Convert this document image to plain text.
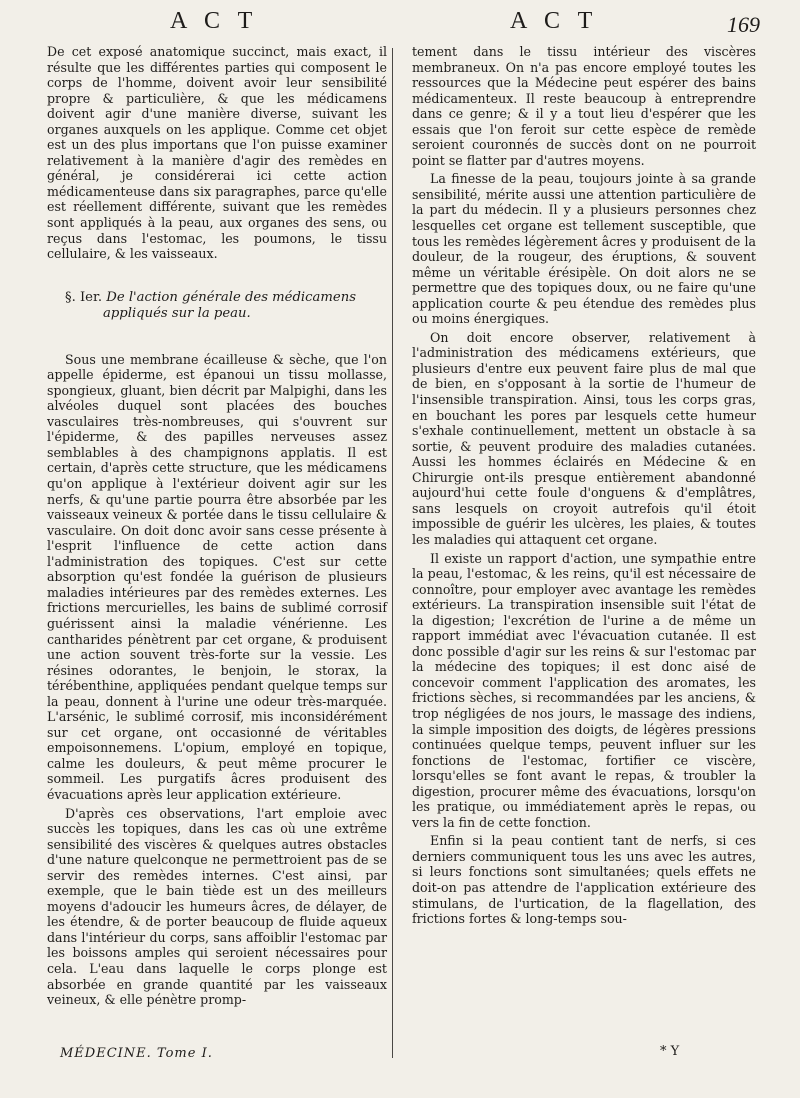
A C T	A C T	169

De cet exposé anatomique succinct, mais exact, il résulte que les différentes parties qui composent le corps de l'homme, doivent avoir leur sensibilité propre & particulière, & que les médicamens doivent agir d'une manière diverse, suivant les organes auxquels on les applique. Comme cet objet est un des plus importans que l'on puisse examiner relativement à la manière d'agir des remèdes en général, je considérerai ici cette action médicamenteuse dans six paragraphes, parce qu'elle est réellement différente, suivant que les remèdes sont appliqués à la peau, aux organes des sens, ou reçus dans l'estomac, les poumons, le tissu cellulaire, & les vaisseaux.

§. Ier. De l'action générale des médicamens
appliqués sur la peau.

Sous une membrane écailleuse & sèche, que l'on appelle épiderme, est épanoui un tissu mollasse, spongieux, gluant, bien décrit par Malpighi, dans les alvéoles duquel sont placées des bouches vasculaires très-nombreuses, qui s'ouvrent sur l'épiderme, & des papilles nerveuses assez semblables à des champignons applatis. Il est certain, d'après cette structure, que les médicamens qu'on applique à l'extérieur doivent agir sur les nerfs, & qu'une partie pourra être absorbée par les vaisseaux veineux & portée dans le tissu cellulaire & vasculaire. On doit donc avoir sans cesse présente à l'esprit l'influence de cette action dans l'administration des topiques. C'est sur cette absorption qu'est fondée la guérison de plusieurs maladies intérieures par des remèdes externes. Les frictions mercurielles, les bains de sublimé corrosif guérissent ainsi la maladie vénérienne. Les cantharides pénètrent par cet organe, & produisent une action souvent très-forte sur la vessie. Les résines odorantes, le benjoin, le storax, la térébenthine, appliquées pendant quelque temps sur la peau, donnent à l'urine une odeur très-marquée. L'arsénic, le sublimé corrosif, mis inconsidérément sur cet organe, ont occasionné de véritables empoisonnemens. L'opium, employé en topique, calme les douleurs, & peut même procurer le sommeil. Les purgatifs âcres produisent des évacuations après leur application extérieure.

D'après ces observations, l'art emploie avec succès les topiques, dans les cas où une extrême sensibilité des viscères & quelques autres obstacles d'une nature quelconque ne permettroient pas de se servir des remèdes internes. C'est ainsi, par exemple, que le bain tiède est un des meilleurs moyens d'adoucir les humeurs âcres, de délayer, de les étendre, & de porter beaucoup de fluide aqueux dans l'intérieur du corps, sans affoiblir l'estomac par les boissons amples qui seroient nécessaires pour cela. L'eau dans laquelle le corps plonge est absorbée en grande quantité par les vaisseaux veineux, & elle pénètre promp-

tement dans le tissu intérieur des viscères membraneux. On n'a pas encore employé toutes les ressources que la Médecine peut espérer des bains médicamenteux. Il reste beaucoup à entreprendre dans ce genre; & il y a tout lieu d'espérer que les essais que l'on feroit sur cette espèce de remède seroient couronnés de succès dont on ne pourroit point se flatter par d'autres moyens.

La finesse de la peau, toujours jointe à sa grande sensibilité, mérite aussi une attention particulière de la part du médecin. Il y a plusieurs personnes chez lesquelles cet organe est tellement susceptible, que tous les remèdes légèrement âcres y produisent de la douleur, de la rougeur, des éruptions, & souvent même un véritable érésipèle. On doit alors ne se permettre que des topiques doux, ou ne faire qu'une application courte & peu étendue des remèdes plus ou moins énergiques.

On doit encore observer, relativement à l'administration des médicamens extérieurs, que plusieurs d'entre eux peuvent faire plus de mal que de bien, en s'opposant à la sortie de l'humeur de l'insensible transpiration. Ainsi, tous les corps gras, en bouchant les pores par lesquels cette humeur s'exhale continuellement, mettent un obstacle à sa sortie, & peuvent produire des maladies cutanées. Aussi les hommes éclairés en Médecine & en Chirurgie ont-ils presque entièrement abandonné aujourd'hui cette foule d'onguens & d'emplâtres, sans lesquels on croyoit autrefois qu'il étoit impossible de guérir les ulcères, les plaies, & toutes les maladies qui attaquent cet organe.

Il existe un rapport d'action, une sympathie entre la peau, l'estomac, & les reins, qu'il est nécessaire de connoître, pour employer avec avantage les remèdes extérieurs. La transpiration insensible suit l'état de la digestion; l'excrétion de l'urine a de même un rapport immédiat avec l'évacuation cutanée. Il est donc possible d'agir sur les reins & sur l'estomac par la médecine des topiques; il est donc aisé de concevoir comment l'application des aromates, les frictions sèches, si recommandées par les anciens, & trop négligées de nos jours, le massage des indiens, la simple imposition des doigts, de légères pressions continuées quelque temps, peuvent influer sur les fonctions de l'estomac, fortifier ce viscère, lorsqu'elles se font avant le repas, & troubler la digestion, procurer même des évacuations, lorsqu'on les pratique, ou immédiatement après le repas, ou vers la fin de cette fonction.

Enfin si la peau contient tant de nerfs, si ces derniers communiquent tous les uns avec les autres, si leurs fonctions sont simultanées; quels effets ne doit-on pas attendre de l'application extérieure des stimulans, de l'urtication, de la flagellation, des frictions fortes & long-temps sou-

MÉDECINE. Tome I.	* Y
